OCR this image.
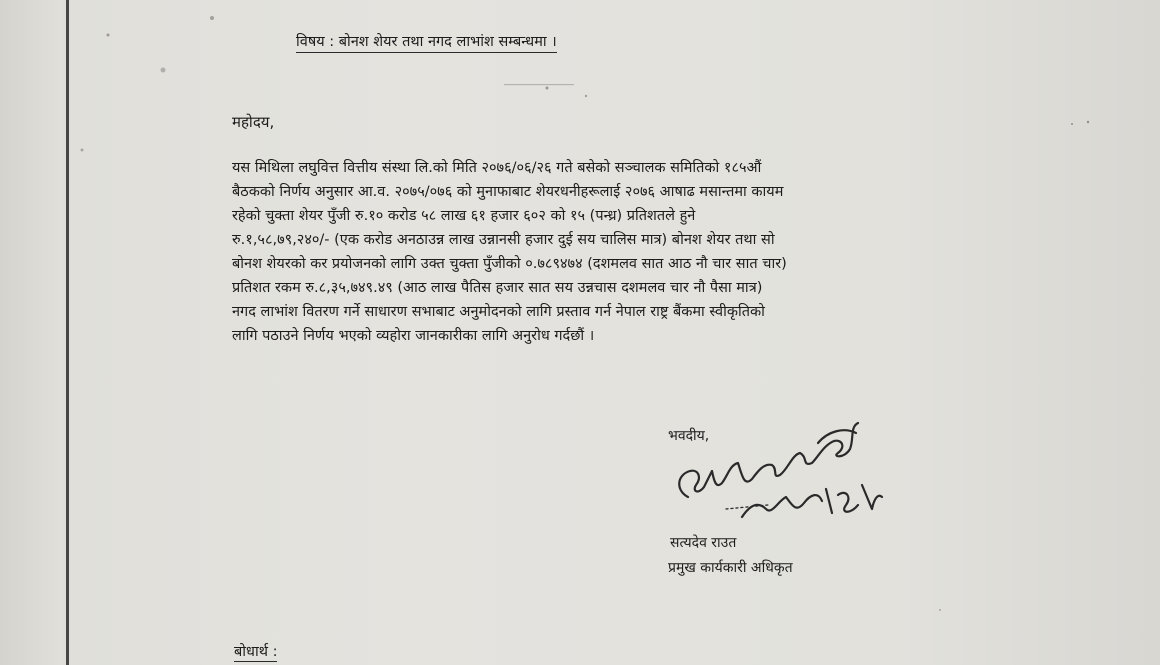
विषय : बोनश शेयर तथा नगद लाभांश सम्बन्धमा ।
महोदय,
यस मिथिला लघुवित्त वित्तीय संस्था लि.को मिति २०७६/०६/२६ गते बसेको सञ्चालक समितिको १८५औं
बैठकको निर्णय अनुसार आ.व. २०७५/०७६ को मुनाफाबाट शेयरधनीहरूलाई २०७६ आषाढ मसान्तमा कायम
रहेको चुक्ता शेयर पुँजी रु.१० करोड ५८ लाख ६१ हजार ६०२ को १५ (पन्ध्र) प्रतिशतले हुने
रु.१,५८,७९,२४०/- (एक करोड अनठाउन्न लाख उन्नानसी हजार दुई सय चालिस मात्र) बोनश शेयर तथा सो
बोनश शेयरको कर प्रयोजनको लागि उक्त चुक्ता पुँजीको ०.७८९४७४ (दशमलव सात आठ नौ चार सात चार)
प्रतिशत रकम रु.८,३५,७४९.४९ (आठ लाख पैतिस हजार सात सय उन्नचास दशमलव चार नौ पैसा मात्र)
नगद लाभांश वितरण गर्ने साधारण सभाबाट अनुमोदनको लागि प्रस्ताव गर्न नेपाल राष्ट्र बैंकमा स्वीकृतिको
लागि पठाउने निर्णय भएको व्यहोरा जानकारीका लागि अनुरोध गर्दछौं ।
भवदीय,
सत्यदेव राउत
प्रमुख कार्यकारी अधिकृत
बोधार्थ :
